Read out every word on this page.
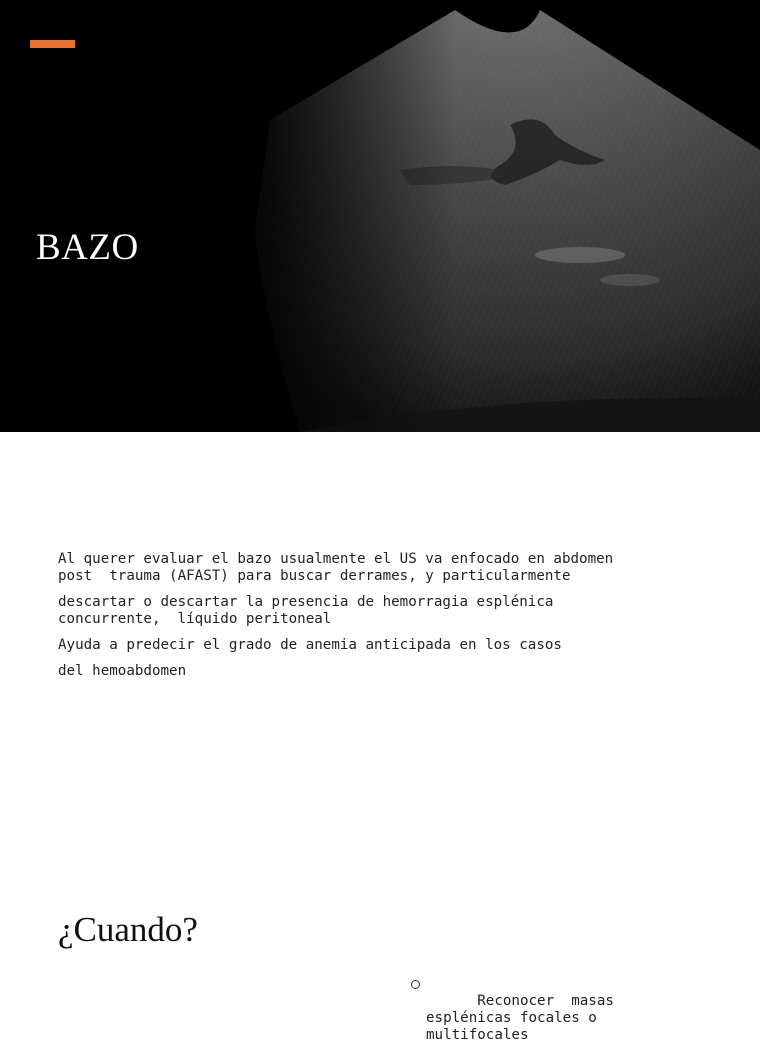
BAZO

Al querer evaluar el bazo usualmente el US va enfocado en abdomen
post  trauma (AFAST) para buscar derrames, y particularmente

descartar o descartar la presencia de hemorragia esplénica
concurrente,  líquido peritoneal

Ayuda a predecir el grado de anemia anticipada en los casos

del hemoabdomen

¿Cuando?

Reconocer  masas
esplénicas focales o
multifocales
